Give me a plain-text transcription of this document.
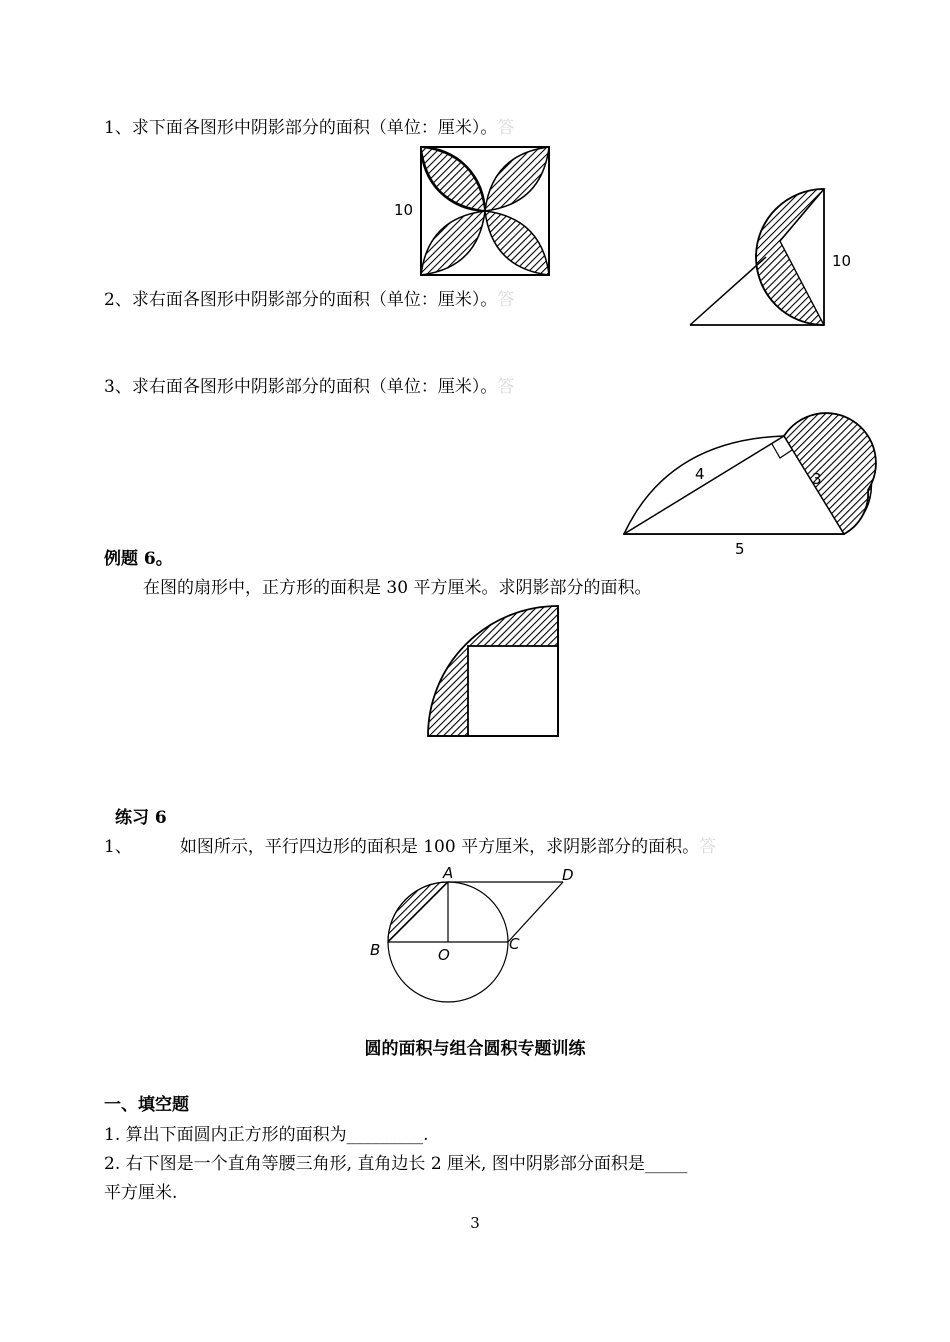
1、求下面各图形中阴影部分的面积（单位：厘米）。答
10
2、求右面各图形中阴影部分的面积（单位：厘米）。答
10
3、求右面各图形中阴影部分的面积（单位：厘米）。答
5
4	3
例题 6。
在图的扇形中，正方形的面积是 30 平方厘米。求阴影部分的面积。
练习 6
1、	如图所示，平行四边形的面积是 100 平方厘米，求阴影部分的面积。答
A	D
B	C
O
圆的面积与组合圆积专题训练
一、填空题
1. 算出下面圆内正方形的面积为_________.
2. 右下图是一个直角等腰三角形, 直角边长 2 厘米, 图中阴影部分面积是_____
平方厘米.
3
